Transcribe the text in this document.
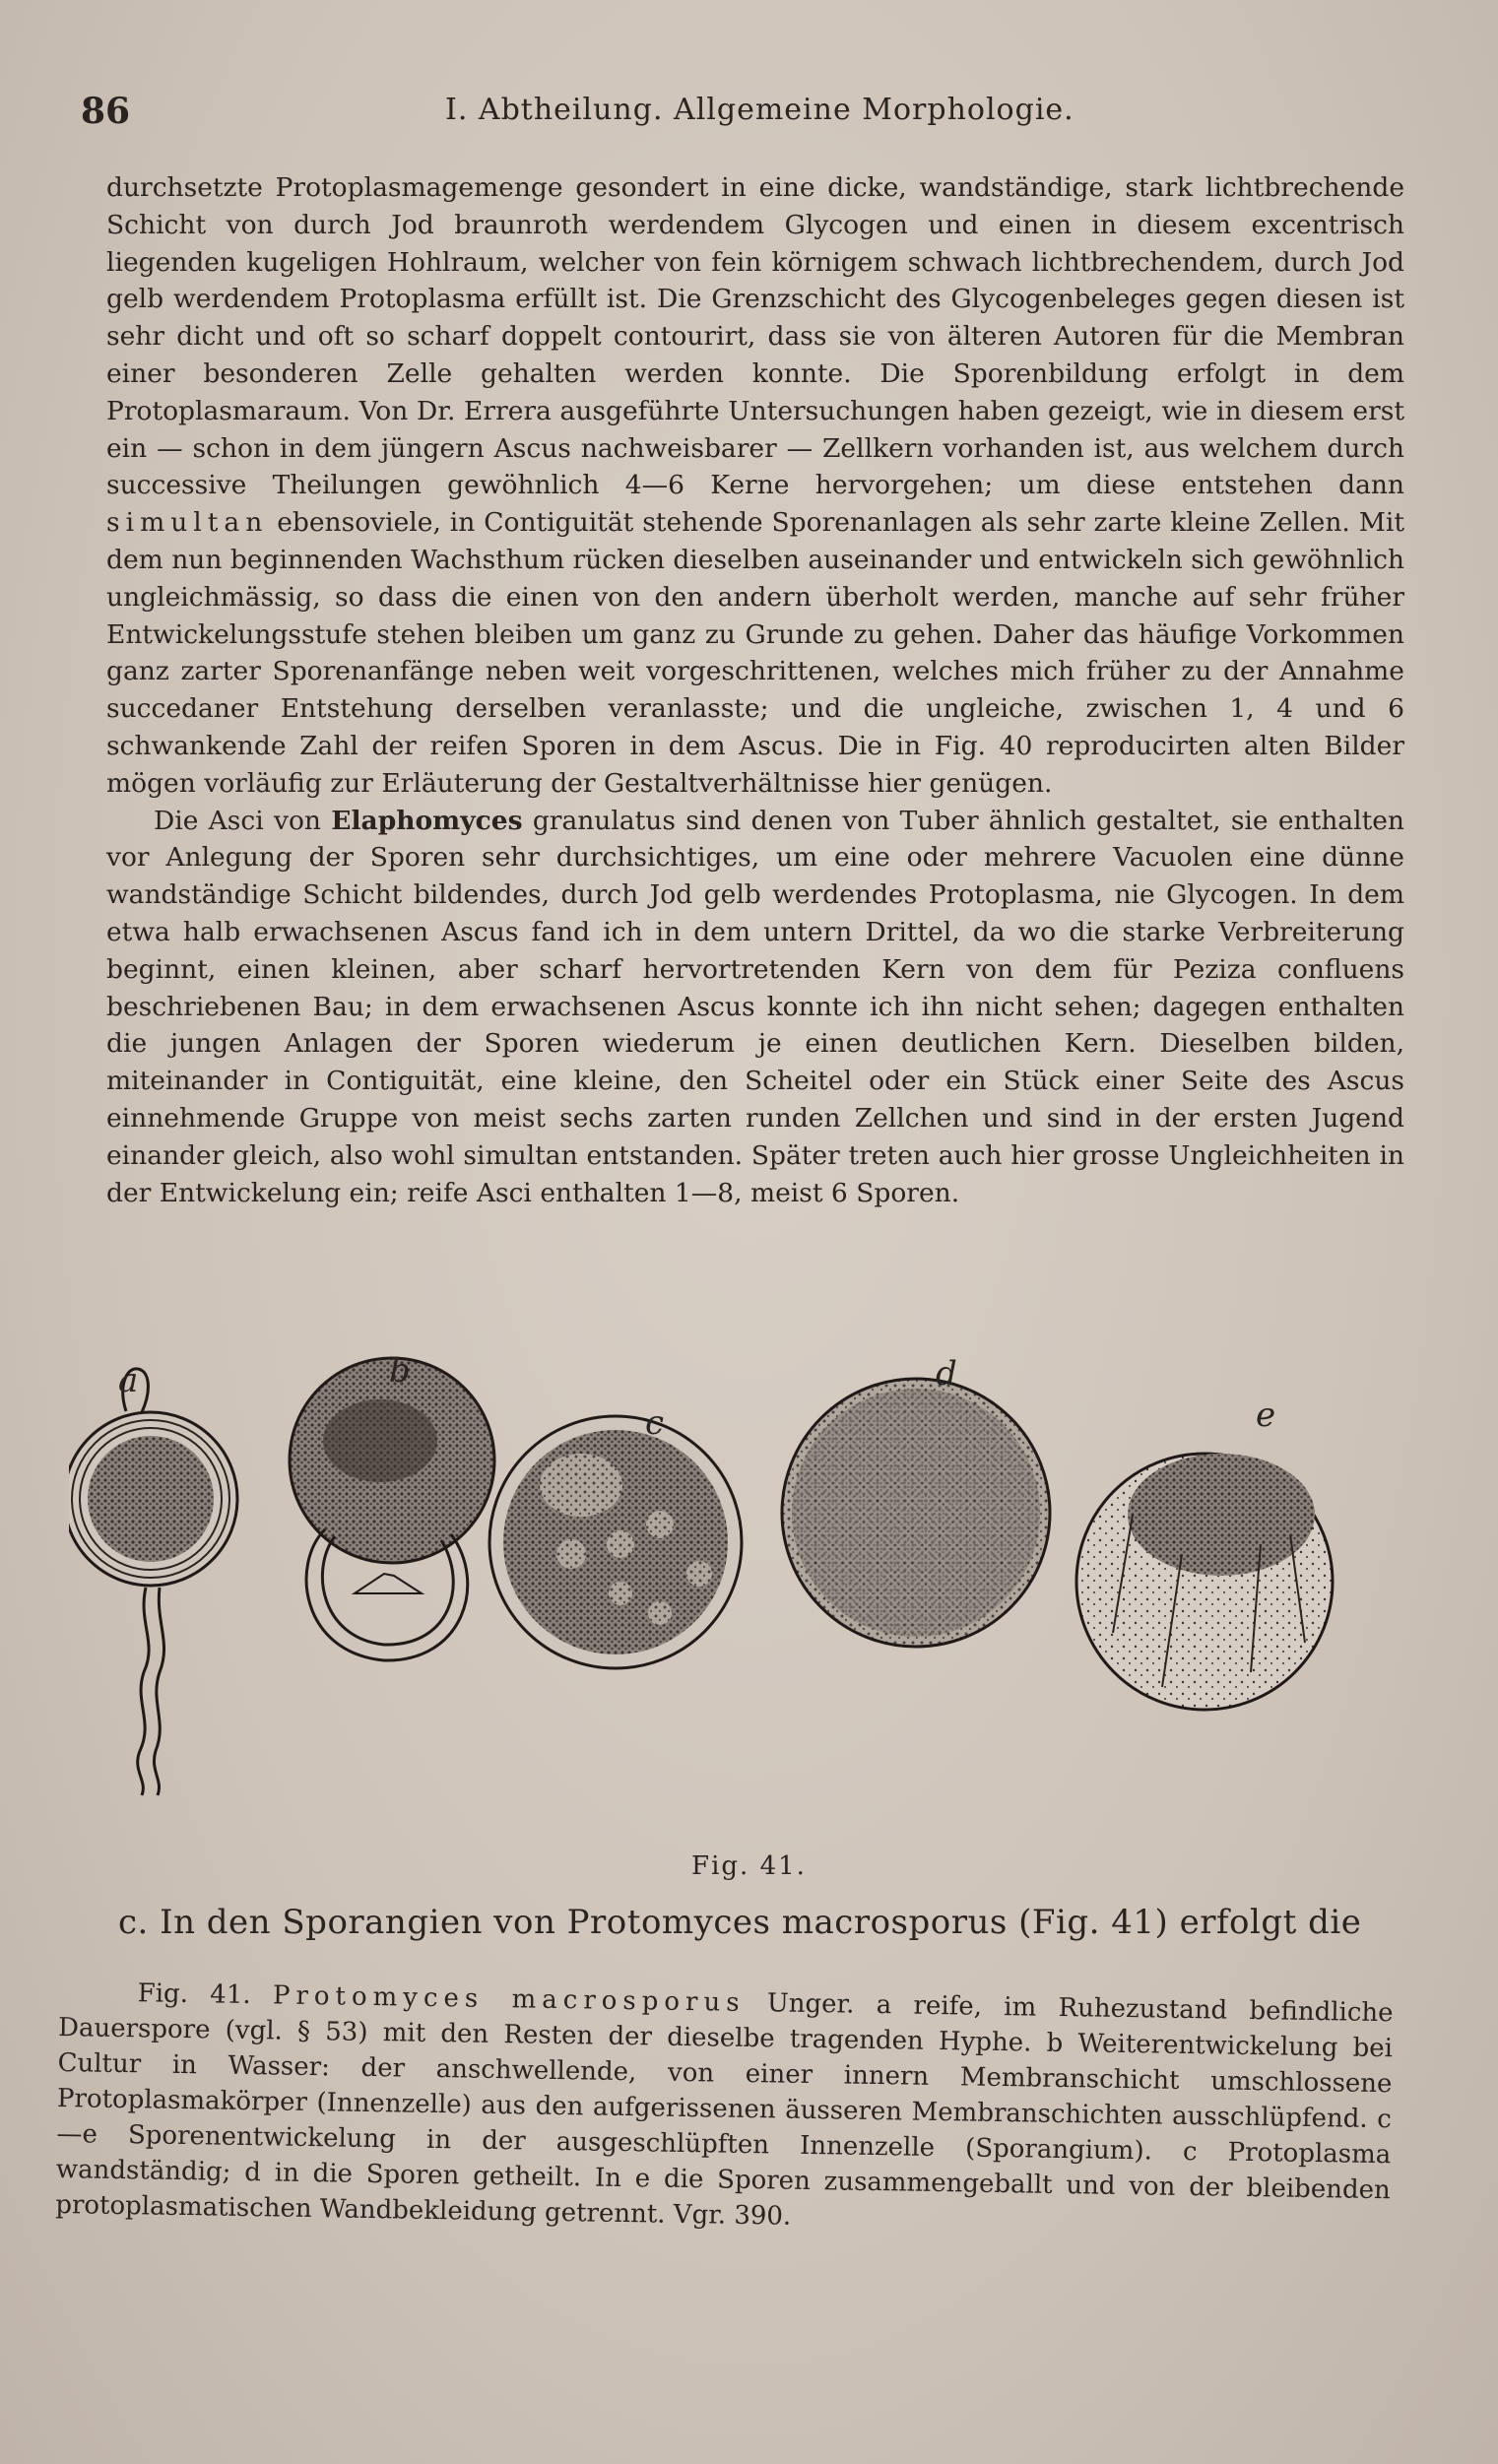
86	I. Abtheilung. Allgemeine Morphologie.

durchsetzte Protoplasmagemenge gesondert in eine dicke, wandständige, stark lichtbrechende Schicht von durch Jod braunroth werdendem Glycogen und einen in diesem excentrisch liegenden kugeligen Hohlraum, welcher von fein körnigem schwach lichtbrechendem, durch Jod gelb werdendem Protoplasma erfüllt ist. Die Grenzschicht des Glycogenbeleges gegen diesen ist sehr dicht und oft so scharf doppelt contourirt, dass sie von älteren Autoren für die Membran einer besonderen Zelle gehalten werden konnte. Die Sporenbildung erfolgt in dem Protoplasmaraum. Von Dr. Errera ausgeführte Untersuchungen haben gezeigt, wie in diesem erst ein — schon in dem jüngern Ascus nachweisbarer — Zellkern vorhanden ist, aus welchem durch successive Theilungen gewöhnlich 4—6 Kerne hervorgehen; um diese entstehen dann simultan ebensoviele, in Contiguität stehende Sporenanlagen als sehr zarte kleine Zellen. Mit dem nun beginnenden Wachsthum rücken dieselben auseinander und entwickeln sich gewöhnlich ungleichmässig, so dass die einen von den andern überholt werden, manche auf sehr früher Entwickelungsstufe stehen bleiben um ganz zu Grunde zu gehen. Daher das häufige Vorkommen ganz zarter Sporenanfänge neben weit vorgeschrittenen, welches mich früher zu der Annahme succedaner Entstehung derselben veranlasste; und die ungleiche, zwischen 1, 4 und 6 schwankende Zahl der reifen Sporen in dem Ascus. Die in Fig. 40 reproducirten alten Bilder mögen vorläufig zur Erläuterung der Gestaltverhältnisse hier genügen.

Die Asci von Elaphomyces granulatus sind denen von Tuber ähnlich gestaltet, sie enthalten vor Anlegung der Sporen sehr durchsichtiges, um eine oder mehrere Vacuolen eine dünne wandständige Schicht bildendes, durch Jod gelb werdendes Protoplasma, nie Glycogen. In dem etwa halb erwachsenen Ascus fand ich in dem untern Drittel, da wo die starke Verbreiterung beginnt, einen kleinen, aber scharf hervortretenden Kern von dem für Peziza confluens beschriebenen Bau; in dem erwachsenen Ascus konnte ich ihn nicht sehen; dagegen enthalten die jungen Anlagen der Sporen wiederum je einen deutlichen Kern. Dieselben bilden, miteinander in Contiguität, eine kleine, den Scheitel oder ein Stück einer Seite des Ascus einnehmende Gruppe von meist sechs zarten runden Zellchen und sind in der ersten Jugend einander gleich, also wohl simultan entstanden. Später treten auch hier grosse Ungleichheiten in der Entwickelung ein; reife Asci enthalten 1—8, meist 6 Sporen.

a	b
c
d
e
Fig. 41.
c. In den Sporangien von Protomyces macrosporus (Fig. 41) erfolgt die

Fig. 41. Protomyces macrosporus Unger. a reife, im Ruhezustand befindliche Dauerspore (vgl. § 53) mit den Resten der dieselbe tragenden Hyphe. b Weiterentwickelung bei Cultur in Wasser: der anschwellende, von einer innern Membranschicht umschlossene Protoplasmakörper (Innenzelle) aus den aufgerissenen äusseren Membranschichten ausschlüpfend. c—e Sporenentwickelung in der ausgeschlüpften Innenzelle (Sporangium). c Protoplasma wandständig; d in die Sporen getheilt. In e die Sporen zusammengeballt und von der bleibenden protoplasmatischen Wandbekleidung getrennt. Vgr. 390.
